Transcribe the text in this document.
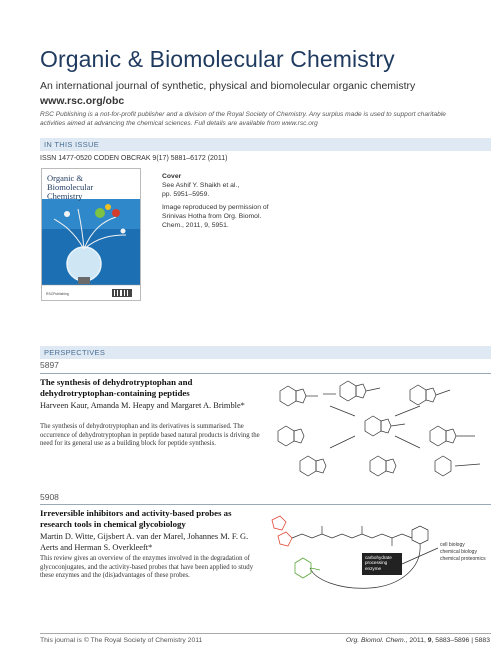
Organic & Biomolecular Chemistry
An international journal of synthetic, physical and biomolecular organic chemistry
www.rsc.org/obc
RSC Publishing is a not-for-profit publisher and a division of the Royal Society of Chemistry. Any surplus made is used to support charitable activities aimed at advancing the chemical sciences. Full details are available from www.rsc.org
IN THIS ISSUE
ISSN 1477-0520 CODEN OBCRAK 9(17) 5881–6172 (2011)
RSCPublishing
Organic & Biomolecular Chemistry
Cover
See Ashif Y. Shaikh et al.,
pp. 5951–5959.
Image reproduced by permission of Srinivas Hotha from Org. Biomol. Chem., 2011, 9, 5951.
PERSPECTIVES
5897
The synthesis of dehydrotryptophan and dehydrotryptophan-containing peptides
Harveen Kaur, Amanda M. Heapy and Margaret A. Brimble*
The synthesis of dehydrotryptophan and its derivatives is summarised. The occurrence of dehydrotryptophan in peptide based natural products is driving the need for its general use as a building block for peptide synthesis.
5908
Irreversible inhibitors and activity-based probes as research tools in chemical glycobiology
Martin D. Witte, Gijsbert A. van der Marel, Johannes M. F. G. Aerts and Herman S. Overkleeft*
This review gives an overview of the enzymes involved in the degradation of glycoconjugates, and the activity-based probes that have been applied to study these enzymes and the (dis)advantages of these probes.
carbohydrate processing enzyme
cell biology
chemical biology
chemical proteomics
This journal is © The Royal Society of Chemistry 2011	Org. Biomol. Chem., 2011, 9, 5883–5896 | 5883
